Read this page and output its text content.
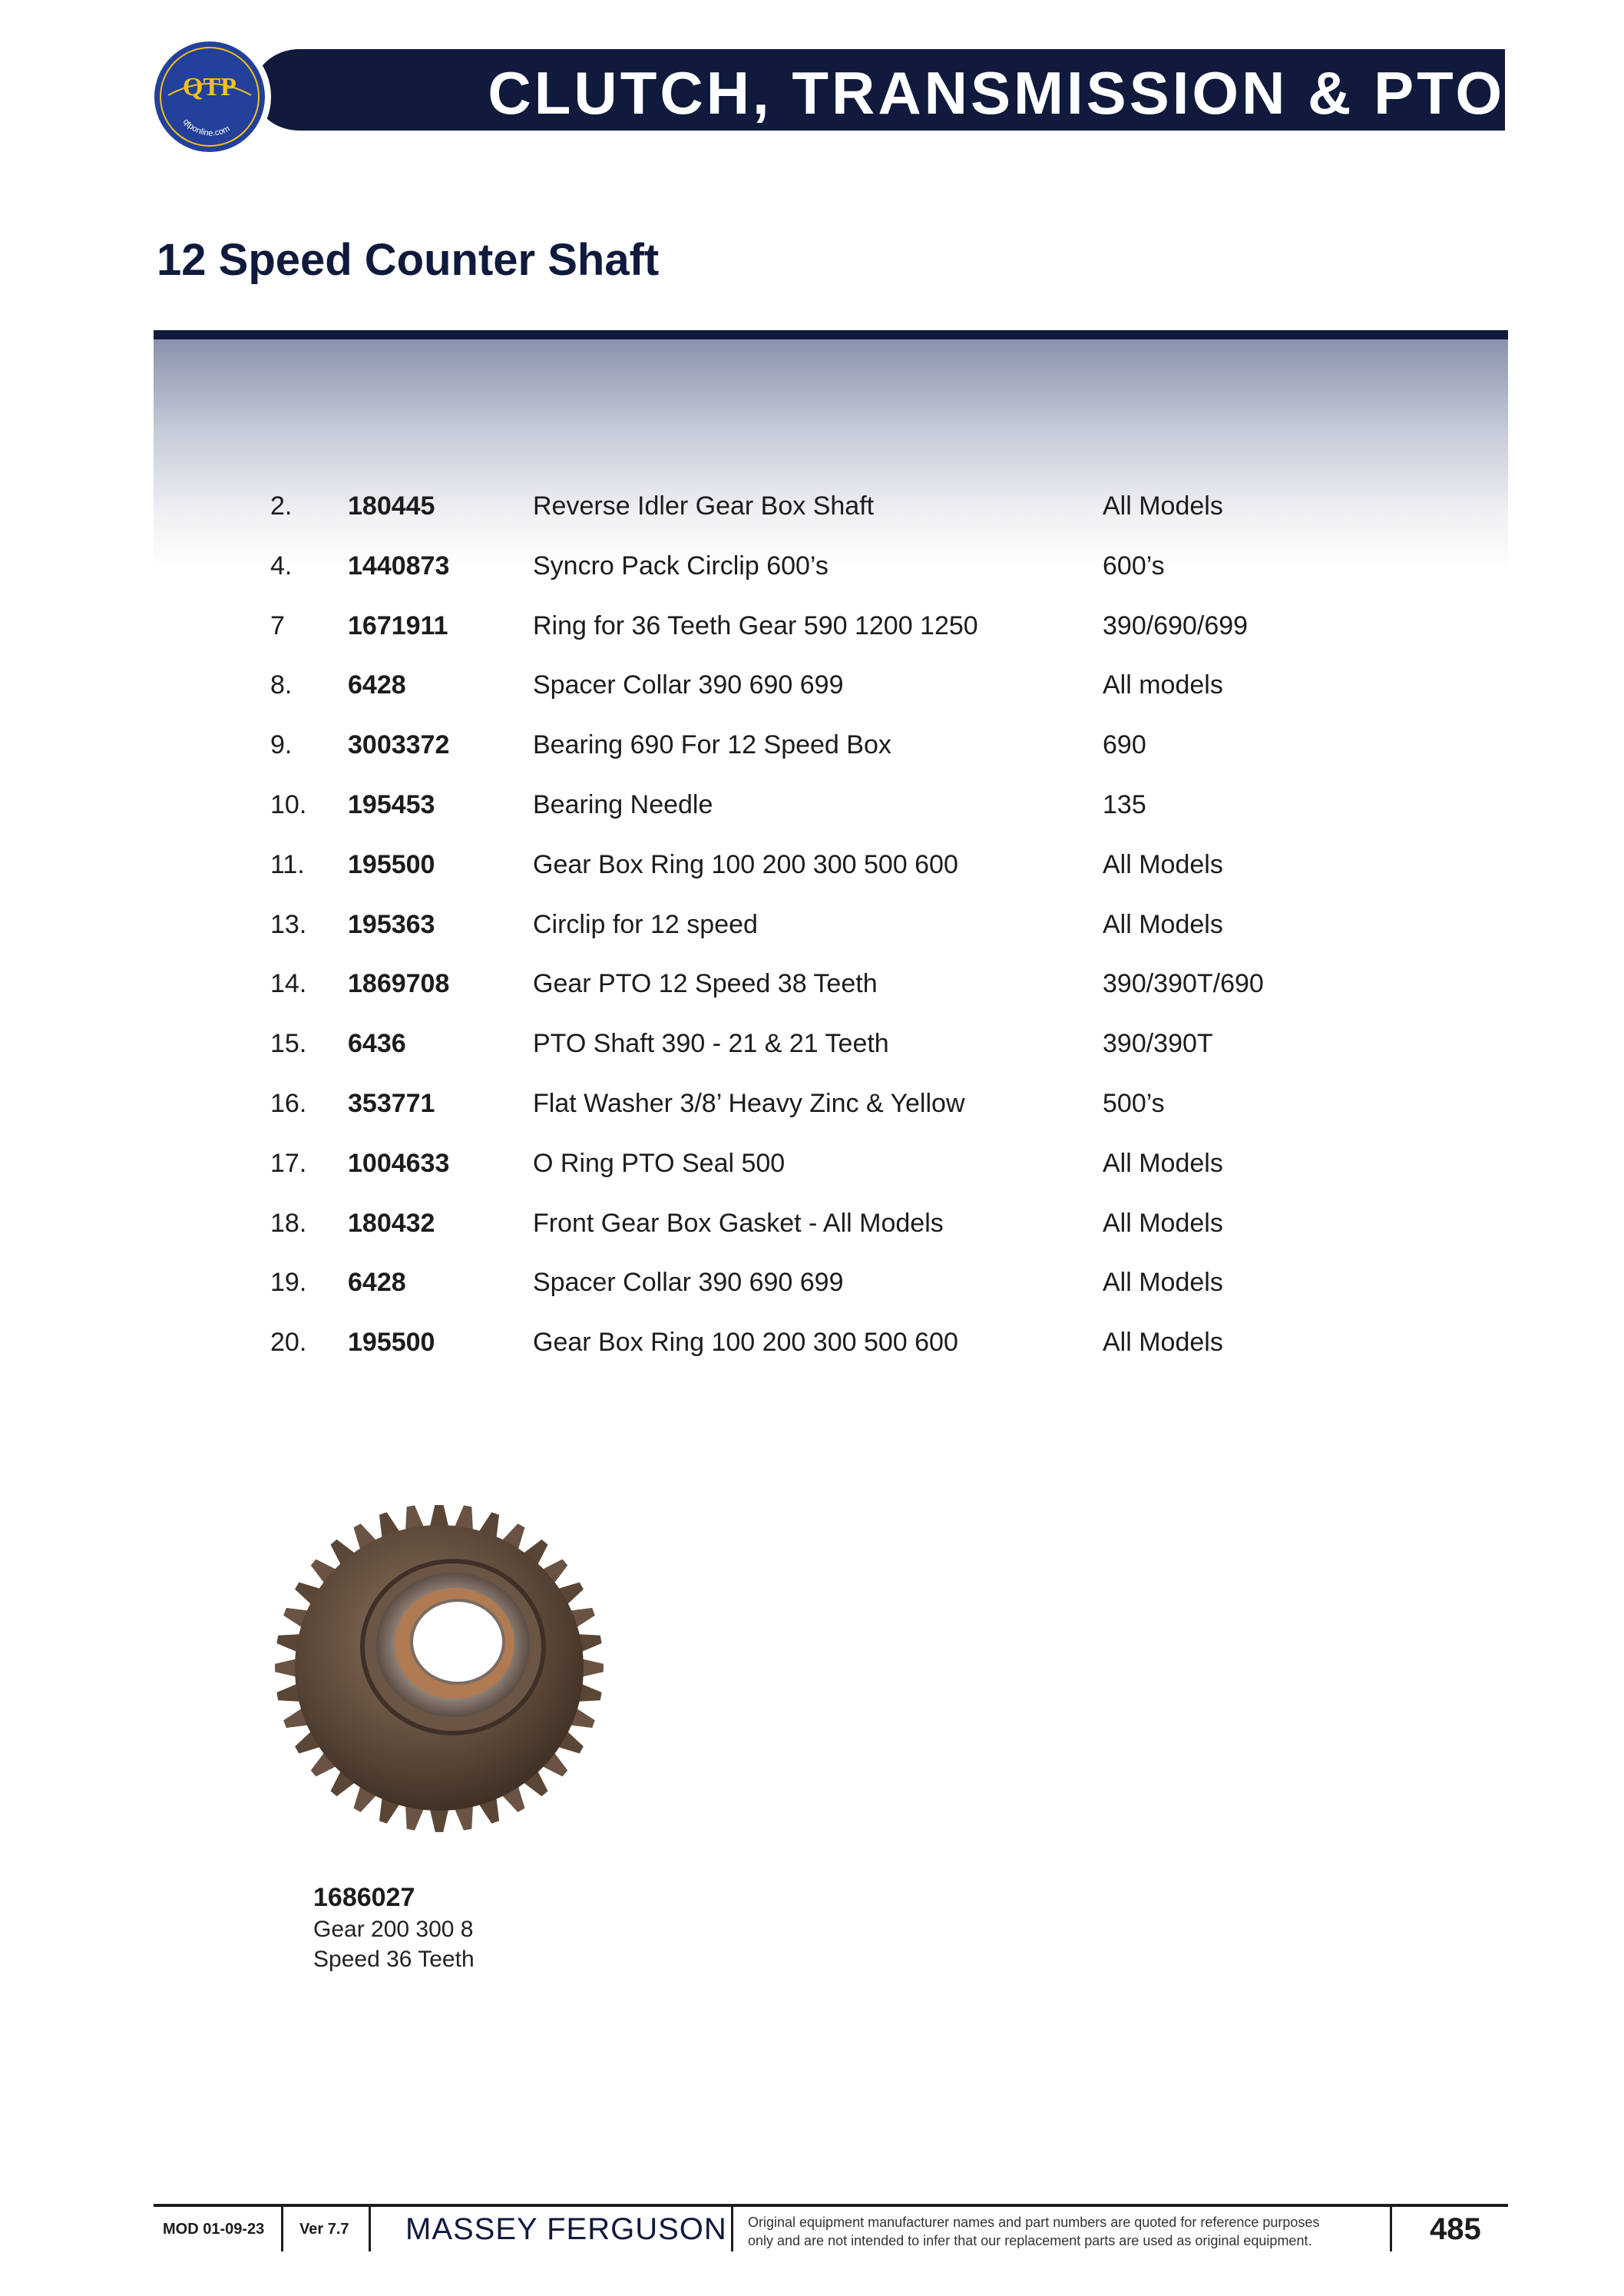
CLUTCH, TRANSMISSION & PTO
QTP
qtponline.com
12 Speed Counter Shaft
2. 180445	Reverse Idler Gear Box Shaft	All Models
4. 1440873	Syncro Pack Circlip 600’s	600’s
7 1671911	Ring for 36 Teeth Gear 590 1200 1250	390/690/699
8. 6428	Spacer Collar 390 690 699	All models
9. 3003372	Bearing 690 For 12 Speed Box	690
10. 195453	Bearing Needle	135
11. 195500	Gear Box Ring 100 200 300 500 600	All Models
13. 195363	Circlip for 12 speed	All Models
14. 1869708	Gear PTO 12 Speed 38 Teeth	390/390T/690
15. 6436	PTO Shaft 390 - 21 & 21 Teeth	390/390T
16. 353771	Flat Washer 3/8’ Heavy Zinc & Yellow	500’s
17. 1004633	O Ring PTO Seal 500	All Models
18. 180432	Front Gear Box Gasket - All Models	All Models
19. 6428	Spacer Collar 390 690 699	All Models
20. 195500	Gear Box Ring 100 200 300 500 600	All Models
1686027
Gear 200 300 8
Speed 36 Teeth
MOD 01-09-23 Ver 7.7 MASSEY FERGUSON Original equipment manufacturer names and part numbers are quoted for reference purposes
only and are not intended to infer that our replacement parts are used as original equipment.	485
